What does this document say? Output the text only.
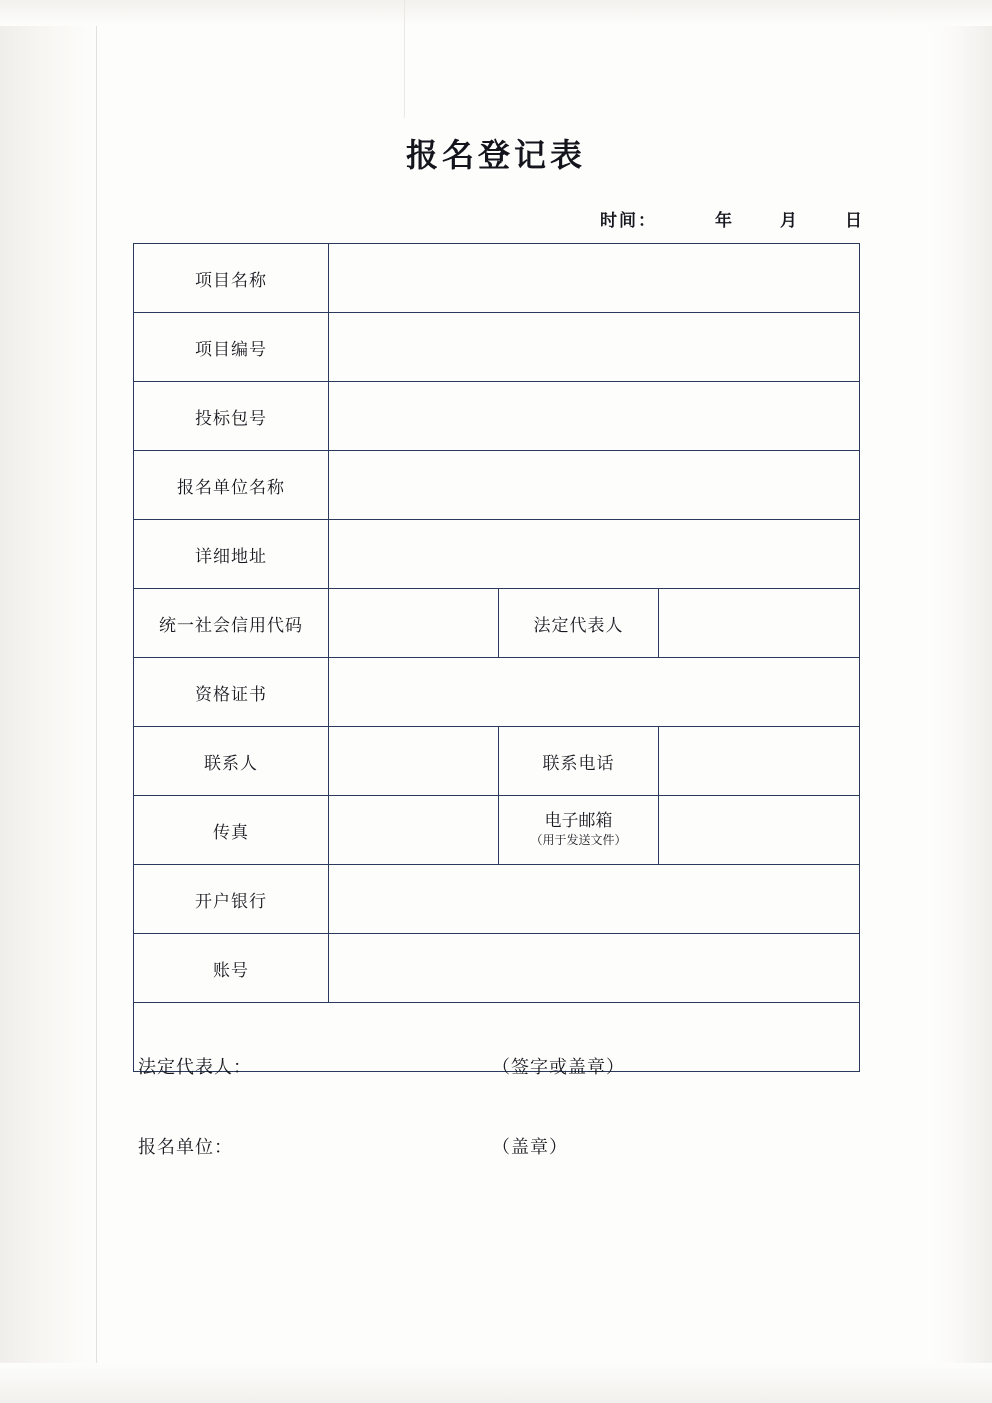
报名登记表
时间：	年	月	日
项目名称			
项目编号			
投标包号			
报名单位名称			
详细地址			
统一社会信用代码		法定代表人	
资格证书			
联系人		联系电话	
传真		电子邮箱
（用于发送文件）	

开户银行			
账号			

法定代表人： （签字或盖章）
报名单位： （盖章）			
